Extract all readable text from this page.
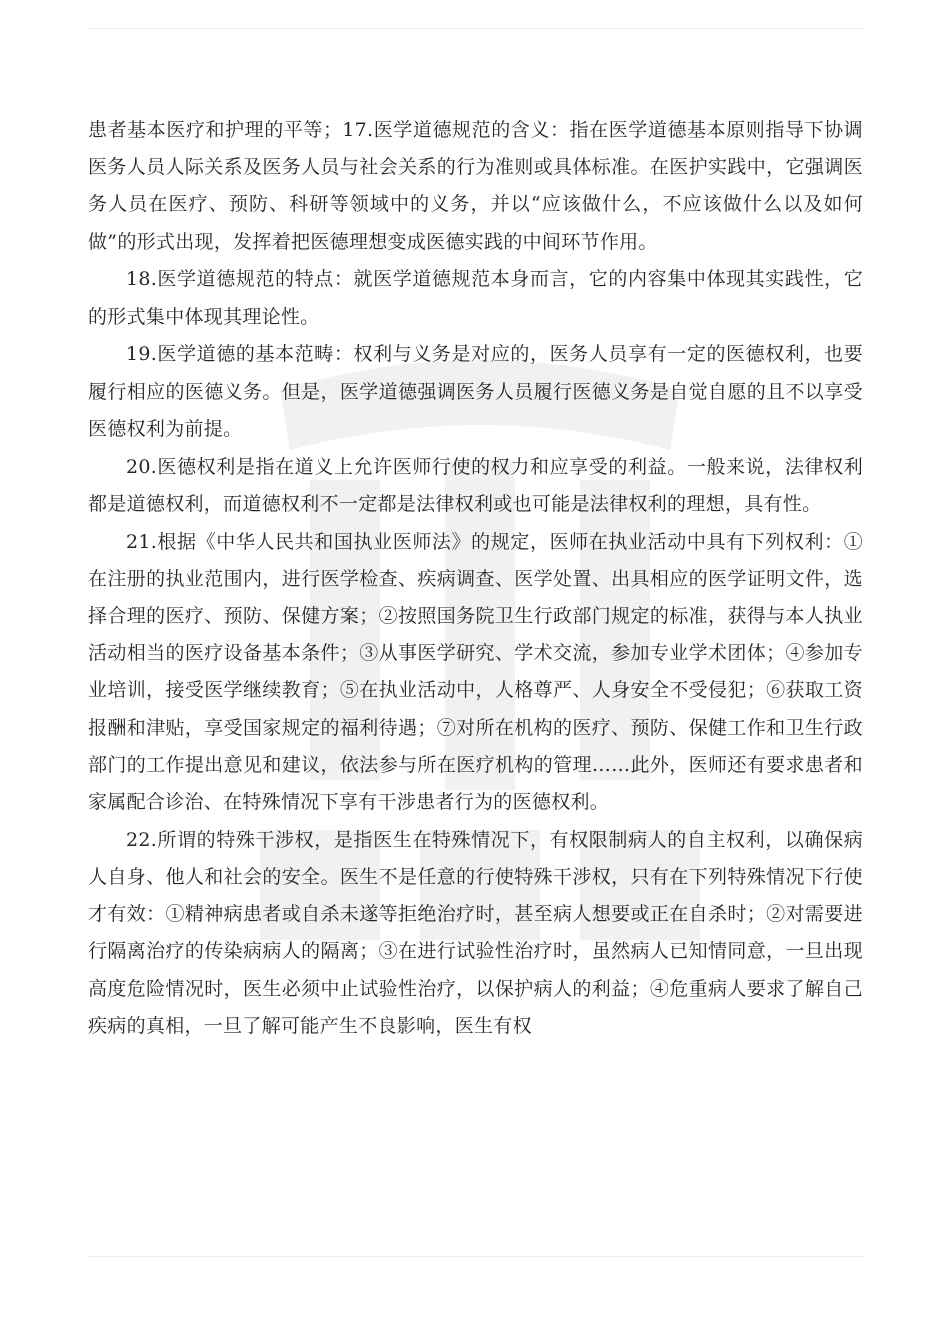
患者基本医疗和护理的平等；17.医学道德规范的含义：指在医学道德基本原则指导下协调医务人员人际关系及医务人员与社会关系的行为准则或具体标准。在医护实践中，它强调医务人员在医疗、预防、科研等领域中的义务，并以“应该做什么，不应该做什么以及如何做”的形式出现，发挥着把医德理想变成医德实践的中间环节作用。

18.医学道德规范的特点：就医学道德规范本身而言，它的内容集中体现其实践性，它的形式集中体现其理论性。

19.医学道德的基本范畴：权利与义务是对应的，医务人员享有一定的医德权利，也要履行相应的医德义务。但是，医学道德强调医务人员履行医德义务是自觉自愿的且不以享受医德权利为前提。

20.医德权利是指在道义上允许医师行使的权力和应享受的利益。一般来说，法律权利都是道德权利，而道德权利不一定都是法律权利或也可能是法律权利的理想，具有性。

21.根据《中华人民共和国执业医师法》的规定，医师在执业活动中具有下列权利：①在注册的执业范围内，进行医学检查、疾病调查、医学处置、出具相应的医学证明文件，选择合理的医疗、预防、保健方案；②按照国务院卫生行政部门规定的标准，获得与本人执业活动相当的医疗设备基本条件；③从事医学研究、学术交流，参加专业学术团体；④参加专业培训，接受医学继续教育；⑤在执业活动中，人格尊严、人身安全不受侵犯；⑥获取工资报酬和津贴，享受国家规定的福利待遇；⑦对所在机构的医疗、预防、保健工作和卫生行政部门的工作提出意见和建议，依法参与所在医疗机构的管理……此外，医师还有要求患者和家属配合诊治、在特殊情况下享有干涉患者行为的医德权利。

22.所谓的特殊干涉权，是指医生在特殊情况下，有权限制病人的自主权利，以确保病人自身、他人和社会的安全。医生不是任意的行使特殊干涉权，只有在下列特殊情况下行使才有效：①精神病患者或自杀未遂等拒绝治疗时，甚至病人想要或正在自杀时；②对需要进行隔离治疗的传染病病人的隔离；③在进行试验性治疗时，虽然病人已知情同意，一旦出现高度危险情况时，医生必须中止试验性治疗，以保护病人的利益；④危重病人要求了解自己疾病的真相，一旦了解可能产生不良影响，医生有权
